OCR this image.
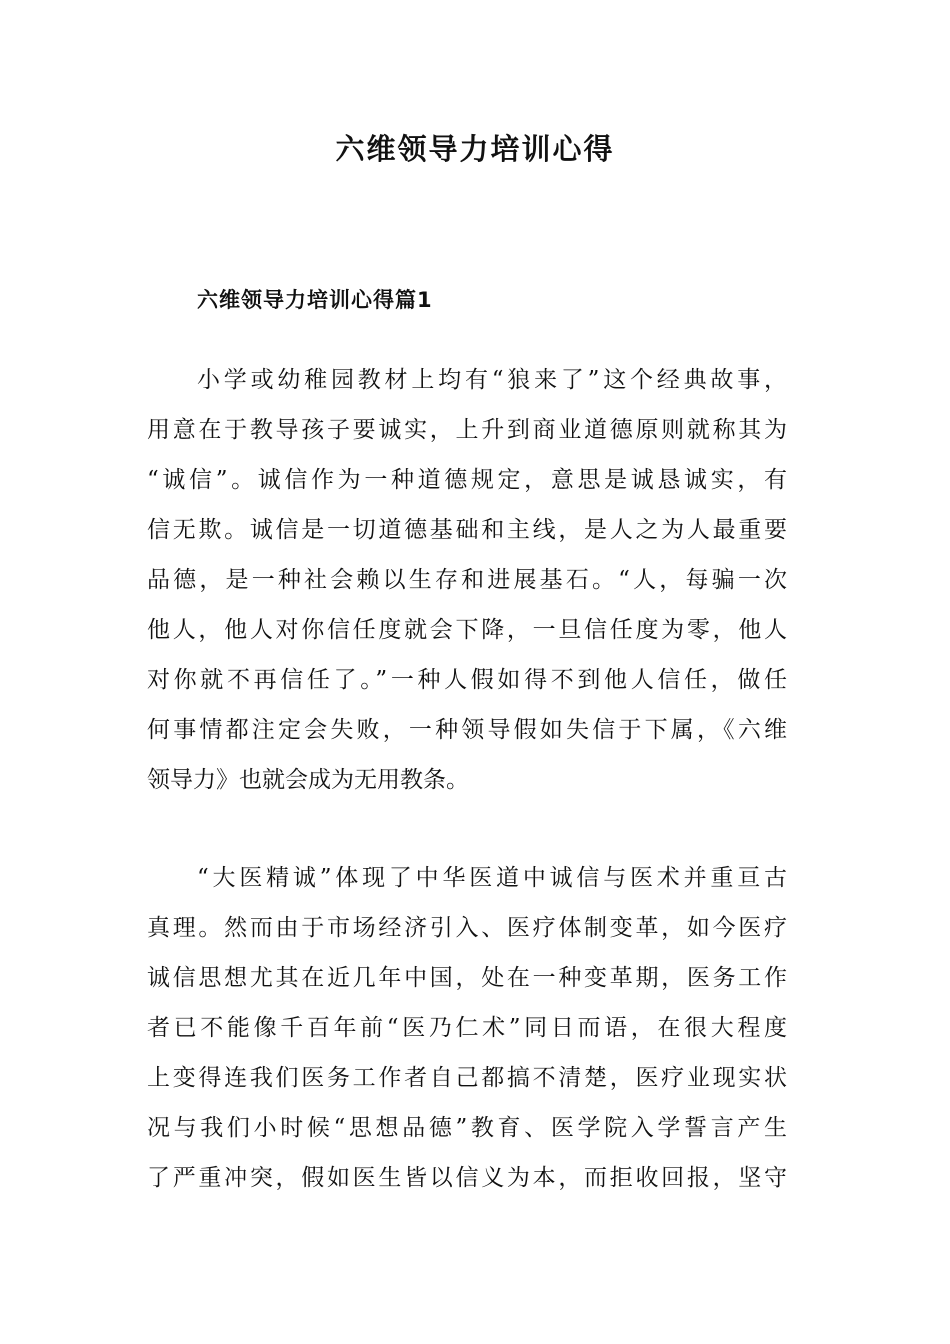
六维领导力培训心得
六维领导力培训心得篇1
小学或幼稚园教材上均有“狼来了”这个经典故事，
用意在于教导孩子要诚实，上升到商业道德原则就称其为
“诚信”。诚信作为一种道德规定，意思是诚恳诚实，有
信无欺。诚信是一切道德基础和主线，是人之为人最重要
品德，是一种社会赖以生存和进展基石。“人，每骗一次
他人，他人对你信任度就会下降，一旦信任度为零，他人
对你就不再信任了。”一种人假如得不到他人信任，做任
何事情都注定会失败，一种领导假如失信于下属，《六维
领导力》也就会成为无用教条。
“大医精诚”体现了中华医道中诚信与医术并重亘古
真理。然而由于市场经济引入、医疗体制变革，如今医疗
诚信思想尤其在近几年中国，处在一种变革期，医务工作
者已不能像千百年前“医乃仁术”同日而语，在很大程度
上变得连我们医务工作者自己都搞不清楚，医疗业现实状
况与我们小时候“思想品德”教育、医学院入学誓言产生
了严重冲突，假如医生皆以信义为本，而拒收回报，坚守
